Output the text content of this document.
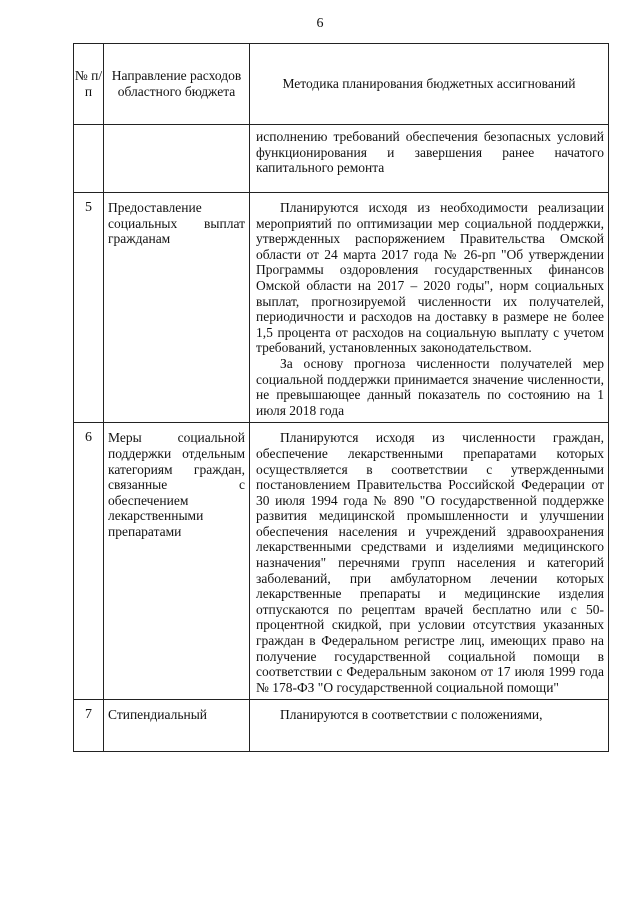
6
№ п/п	Направление расходов областного бюджета	Методика планирования бюджетных ассигнований

		исполнению требований обеспечения безопасных условий функционирования и завершения ранее начатого капитального ремонта

5	Предоставление социальных выплат гражданам	Планируются исходя из необходимости реализации мероприятий по оптимизации мер социальной поддержки, утвержденных распоряжением Правительства Омской области от 24 марта 2017 года № 26-рп "Об утверждении Программы оздоровления государственных финансов Омской области на 2017 – 2020 годы", норм социальных выплат, прогнозируемой численности их получателей, периодичности и расходов на доставку в размере не более 1,5 процента от расходов на социальную выплату с учетом требований, установленных законодательством.

За основу прогноза численности получателей мер социальной поддержки принимается значение численности, не превышающее данный показатель по состоянию на 1 июля 2018 года

6	Меры социальной поддержки отдельным категориям граждан, связанные с обеспечением лекарственными препаратами	Планируются исходя из численности граждан, обеспечение лекарственными препаратами которых осуществляется в соответствии с утвержденными постановлением Правительства Российской Федерации от 30 июля 1994 года № 890 "О государственной поддержке развития медицинской промышленности и улучшении обеспечения населения и учреждений здравоохранения лекарственными средствами и изделиями медицинского назначения" перечнями групп населения и категорий заболеваний, при амбулаторном лечении которых лекарственные препараты и медицинские изделия отпускаются по рецептам врачей бесплатно или с 50-процентной скидкой, при условии отсутствия указанных граждан в Федеральном регистре лиц, имеющих право на получение государственной социальной помощи в соответствии с Федеральным законом от 17 июля 1999 года № 178-ФЗ "О государственной социальной помощи"

7	Стипендиальный	Планируются в соответствии с положениями,
